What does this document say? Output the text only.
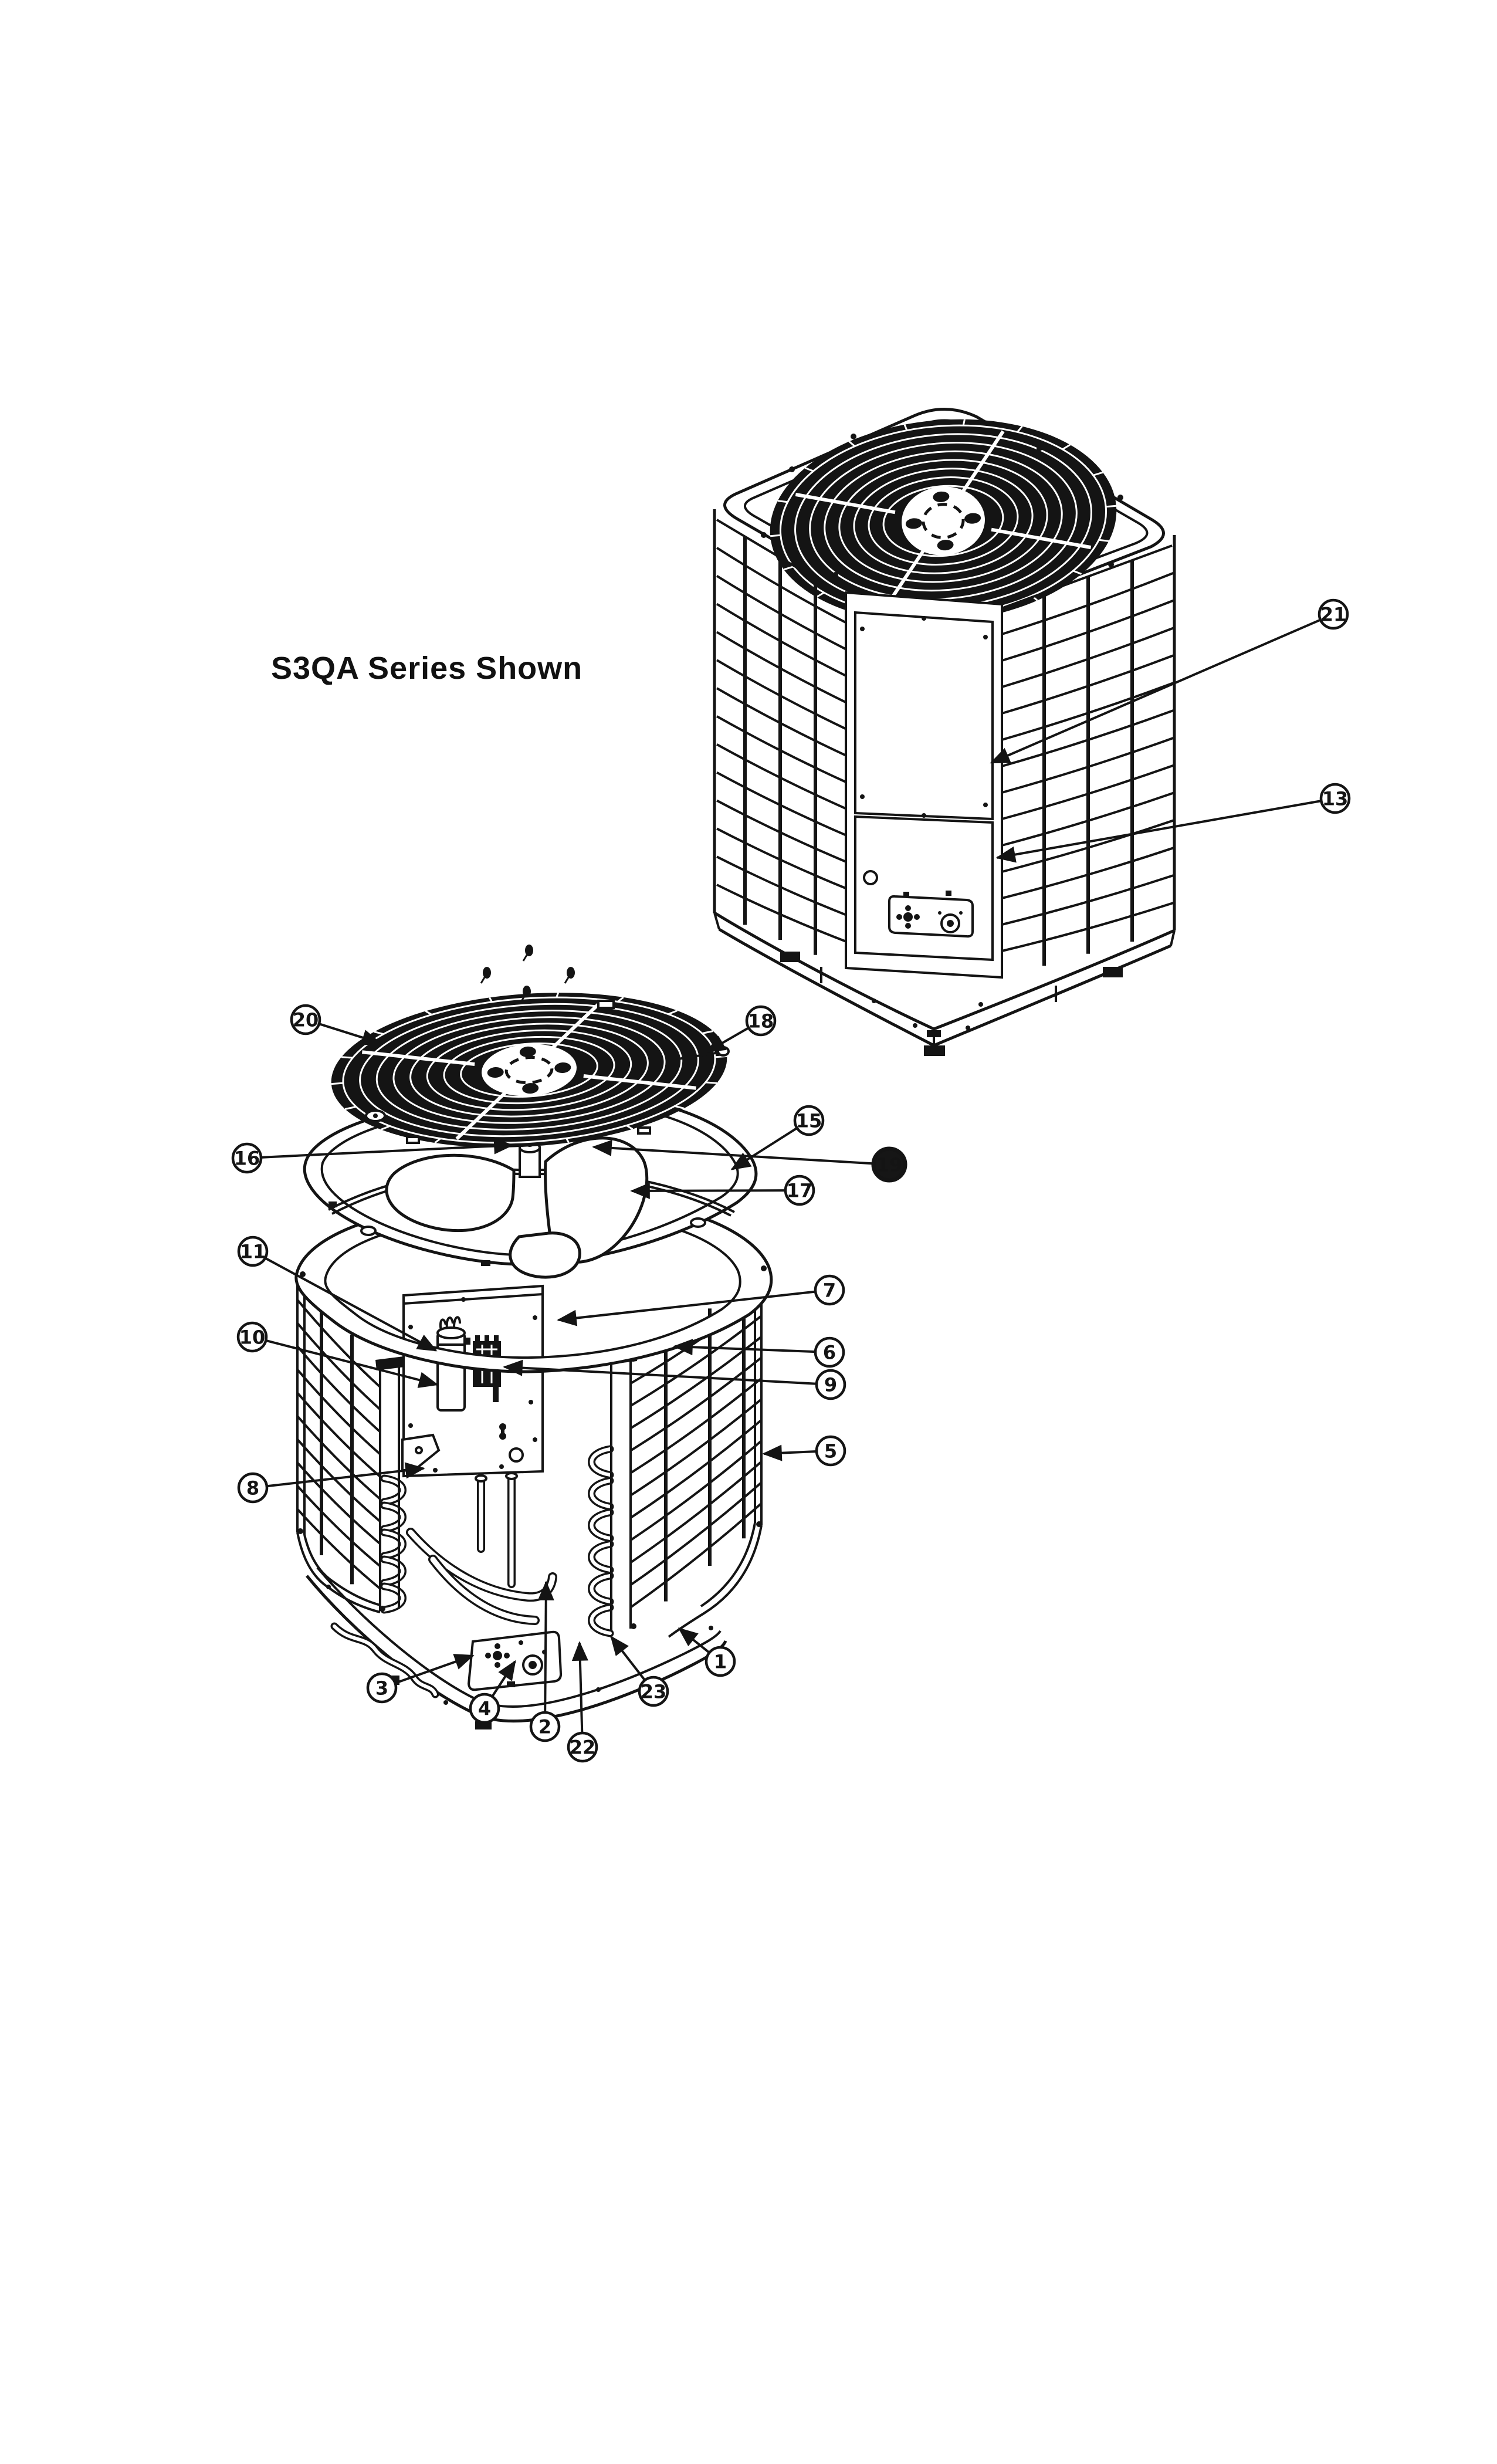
S3QA Series Shown
21
13
20	18
15
16	19
17
11
10
7
6
9
5
8
3
4
2
22
23
1
